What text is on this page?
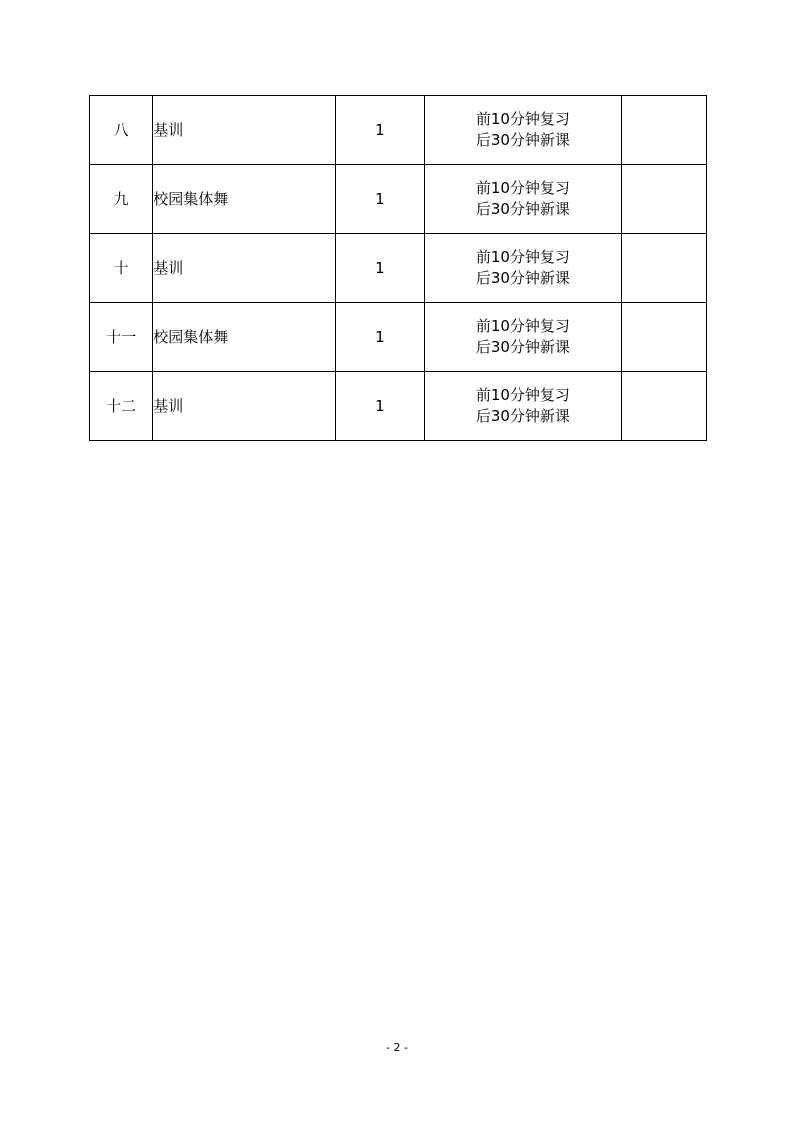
八	基训	1	前10分钟复习
后30分钟新课	

九	校园集体舞	1	前10分钟复习
后30分钟新课	

十	基训	1	前10分钟复习
后30分钟新课	

十一	校园集体舞	1	前10分钟复习
后30分钟新课	

十二	基训	1	前10分钟复习
后30分钟新课	

- 2 -
